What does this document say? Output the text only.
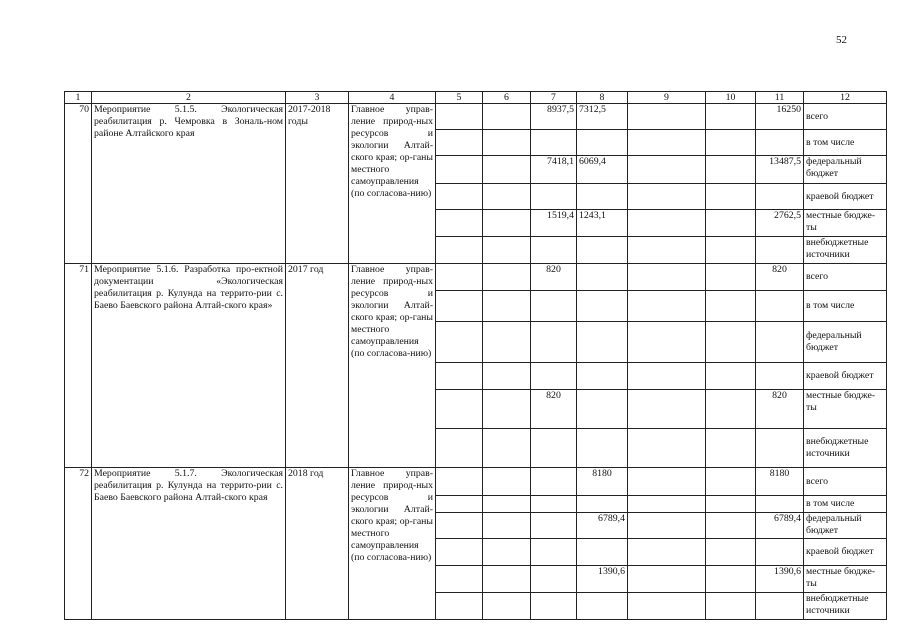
52
1	2	3	4	5	6	7	8	9	10	11	12
70	Мероприятие 5.1.5. Экологическая реабилитация р. Чемровка в Зональ-ном районе Алтайского края	2017-2018 годы	Главное управ-ление природ-ных ресурсов и экологии Алтай-ского края; ор-ганы местного самоуправления (по согласова-нию)			8937,5	7312,5			16250	всего
											в том числе
						7418,1	6069,4			13487,5	федеральный бюджет
											краевой бюджет
						1519,4	1243,1			2762,5	местные бюдже-ты
											внебюджетные источники
71	Мероприятие 5.1.6. Разработка про-ектной документации «Экологическая реабилитация р. Кулунда на террито-рии с. Баево Баевского района Алтай-ского края»	2017 год	Главное управ-ление природ-ных ресурсов и экологии Алтай-ского края; ор-ганы местного самоуправления (по согласова-нию)			820				820	всего
											в том числе
											федеральный бюджет
											краевой бюджет
						820				820	местные бюдже-ты
											внебюджетные источники
72	Мероприятие 5.1.7. Экологическая реабилитация р. Кулунда на террито-рии с. Баево Баевского района Алтай-ского края	2018 год	Главное управ-ление природ-ных ресурсов и экологии Алтай-ского края; ор-ганы местного самоуправления (по согласова-нию)				8180			8180	всего
											в том числе
							6789,4			6789,4	федеральный бюджет
											краевой бюджет
							1390,6			1390,6	местные бюдже-ты
											внебюджетные источники
